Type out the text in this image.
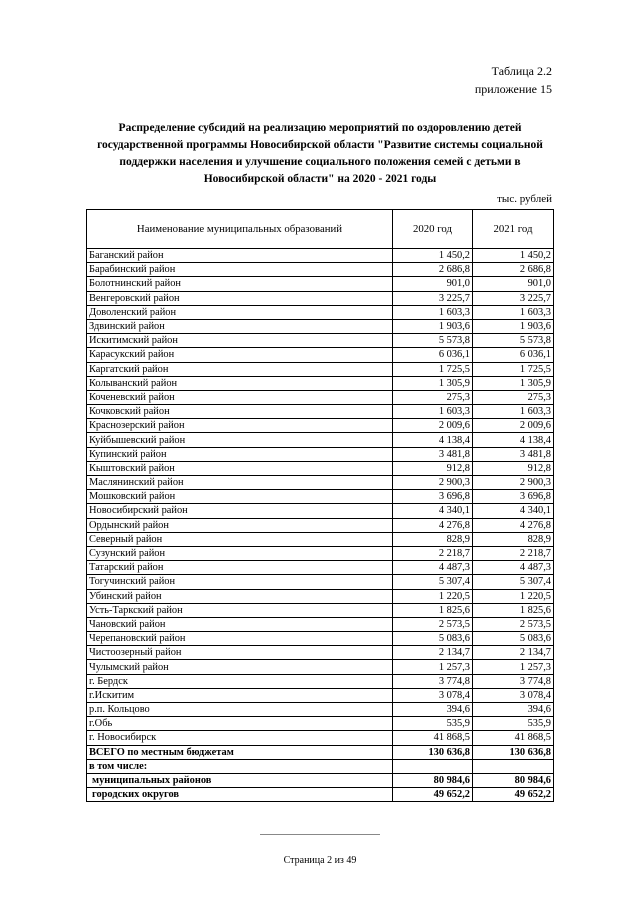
Таблица 2.2
приложение 15
Распределение субсидий на реализацию мероприятий по оздоровлению детей государственной программы Новосибирской области "Развитие системы социальной поддержки населения и улучшение социального положения семей с детьми в Новосибирской области" на 2020 - 2021 годы
тыс. рублей
Наименование муниципальных образований	2020 год	2021 год
Баганский район	1 450,2	1 450,2
Барабинский район	2 686,8	2 686,8
Болотнинский район	901,0	901,0
Венгеровский район	3 225,7	3 225,7
Доволенский район	1 603,3	1 603,3
Здвинский район	1 903,6	1 903,6
Искитимский район	5 573,8	5 573,8
Карасукский район	6 036,1	6 036,1
Каргатский район	1 725,5	1 725,5
Колыванский район	1 305,9	1 305,9
Коченевский район	275,3	275,3
Кочковский район	1 603,3	1 603,3
Краснозерский район	2 009,6	2 009,6
Куйбышевский район	4 138,4	4 138,4
Купинский район	3 481,8	3 481,8
Кыштовский район	912,8	912,8
Маслянинский район	2 900,3	2 900,3
Мошковский район	3 696,8	3 696,8
Новосибирский район	4 340,1	4 340,1
Ордынский район	4 276,8	4 276,8
Северный район	828,9	828,9
Сузунский район	2 218,7	2 218,7
Татарский район	4 487,3	4 487,3
Тогучинский район	5 307,4	5 307,4
Убинский район	1 220,5	1 220,5
Усть-Таркский район	1 825,6	1 825,6
Чановский район	2 573,5	2 573,5
Черепановский район	5 083,6	5 083,6
Чистоозерный район	2 134,7	2 134,7
Чулымский район	1 257,3	1 257,3
г. Бердск	3 774,8	3 774,8
г.Искитим	3 078,4	3 078,4
р.п. Кольцово	394,6	394,6
г.Обь	535,9	535,9
г. Новосибирск	41 868,5	41 868,5
ВСЕГО по местным бюджетам	130 636,8	130 636,8
в том числе:		
муниципальных районов	80 984,6	80 984,6
городских округов	49 652,2	49 652,2
Страница 2 из 49
